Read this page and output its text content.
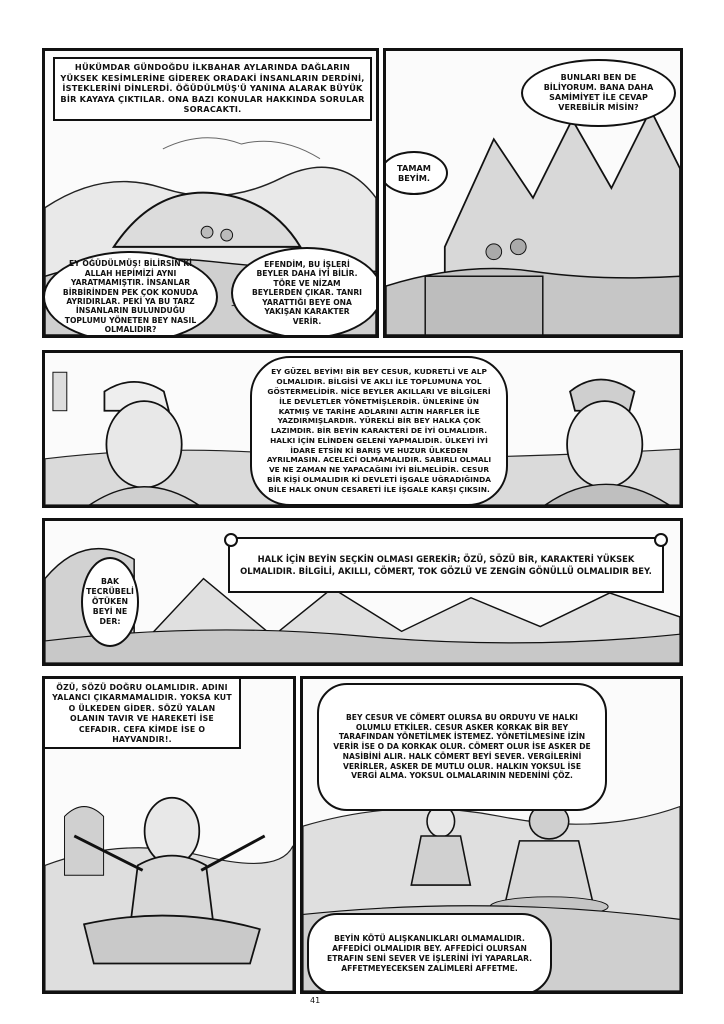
HÜKÜMDAR GÜNDOĞDU İLKBAHAR AYLARINDA DAĞLARIN YÜKSEK KESİMLERİNE GİDEREK ORADAKİ İNSANLARIN DERDİNİ, İSTEKLERİNİ DİNLERDİ. ÖĞÜDÜLMÜŞ'Ü YANINA ALARAK BÜYÜK BİR KAYAYA ÇIKTILAR. ONA BAZI KONULAR HAKKINDA SORULAR SORACAKTI.
EY ÖĞÜDÜLMÜŞ! BİLİRSİN Kİ ALLAH HEPİMİZİ AYNI YARATMAMIŞTIR. İNSANLAR BİRBİRİNDEN PEK ÇOK KONUDA AYRIDIRLAR. PEKİ YA BU TARZ İNSANLARIN BULUNDUĞU TOPLUMU YÖNETEN BEY NASIL OLMALIDIR?
EFENDİM, BU İŞLERİ BEYLER DAHA İYİ BİLİR. TÖRE VE NİZAM BEYLERDEN ÇIKAR. TANRI YARATTIĞI BEYE ONA YAKIŞAN KARAKTER VERİR.
BUNLARI BEN DE BİLİYORUM. BANA DAHA SAMİMİYET İLE CEVAP VEREBİLİR MİSİN?
TAMAM BEYİM.
EY GÜZEL BEYİM! BİR BEY CESUR, KUDRETLİ VE ALP OLMALIDIR. BİLGİSİ VE AKLI İLE TOPLUMUNA YOL GÖSTERMELİDİR. NİCE BEYLER AKILLARI VE BİLGİLERİ İLE DEVLETLER YÖNETMİŞLERDİR. ÜNLERİNE ÜN KATMIŞ VE TARİHE ADLARINI ALTIN HARFLER İLE YAZDIRMIŞLARDIR. YÜREKLİ BİR BEY HALKA ÇOK LAZIMDIR. BİR BEYİN KARAKTERİ DE İYİ OLMALIDIR. HALKI İÇİN ELİNDEN GELENİ YAPMALIDIR. ÜLKEYİ İYİ İDARE ETSİN Kİ BARIŞ VE HUZUR ÜLKEDEN AYRILMASIN. ACELECİ OLMAMALIDIR. SABIRLI OLMALI VE NE ZAMAN NE YAPACAĞINI İYİ BİLMELİDİR. CESUR BİR KİŞİ OLMALIDIR Kİ DEVLETİ İŞGALE UĞRADIĞINDA BİLE HALK ONUN CESARETİ İLE İŞGALE KARŞI ÇIKSIN.
HALK İÇİN BEYİN SEÇKİN OLMASI GEREKİR; ÖZÜ, SÖZÜ BİR, KARAKTERİ YÜKSEK OLMALIDIR. BİLGİLİ, AKILLI, CÖMERT, TOK GÖZLÜ VE ZENGİN GÖNÜLLÜ OLMALIDIR BEY.
BAK TECRÜBELİ ÖTÜKEN BEYİ NE DER:
ÖZÜ, SÖZÜ DOĞRU OLAMLIDIR. ADINI YALANCI ÇIKARMAMALIDIR. YOKSA KUT O ÜLKEDEN GİDER. SÖZÜ YALAN OLANIN TAVIR VE HAREKETİ İSE CEFADIR. CEFA KİMDE İSE O HAYVANDIR!.
BEY CESUR VE CÖMERT OLURSA BU ORDUYU VE HALKI OLUMLU ETKİLER. CESUR ASKER KORKAK BİR BEY TARAFINDAN YÖNETİLMEK İSTEMEZ. YÖNETİLMESİNE İZİN VERİR İSE O DA KORKAK OLUR. CÖMERT OLUR İSE ASKER DE NASİBİNİ ALIR. HALK CÖMERT BEYİ SEVER. VERGİLERİNİ VERİRLER, ASKER DE MUTLU OLUR. HALKIN YOKSUL İSE VERGİ ALMA. YOKSUL OLMALARININ NEDENİNİ ÇÖZ.
BEYİN KÖTÜ ALIŞKANLIKLARI OLMAMALIDIR. AFFEDİCİ OLMALIDIR BEY. AFFEDİCİ OLURSAN ETRAFIN SENİ SEVER VE İŞLERİNİ İYİ YAPARLAR. AFFETMEYECEKSEN ZALİMLERİ AFFETME.
41
